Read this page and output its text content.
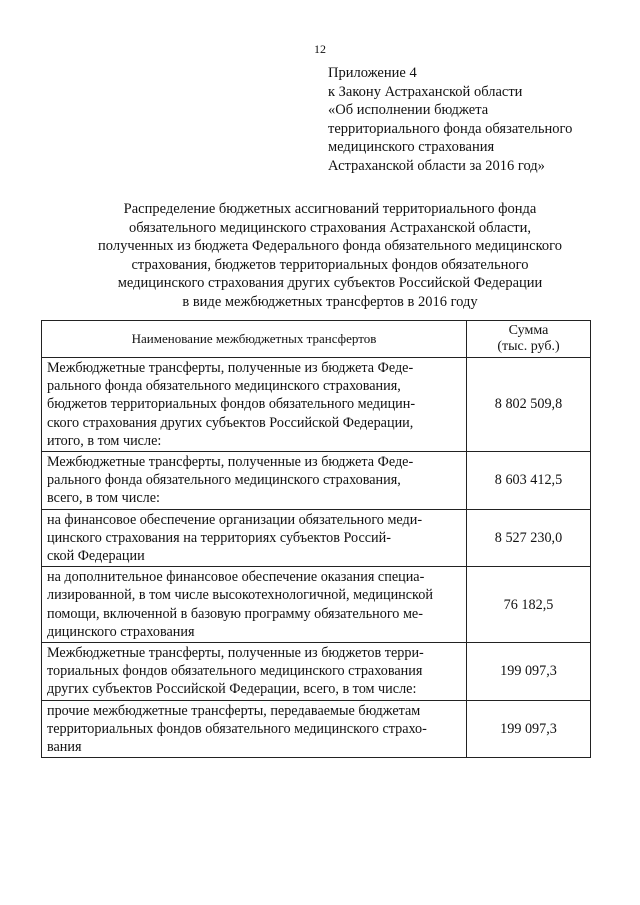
12
Приложение 4
к Закону Астраханской области
«Об исполнении бюджета
территориального фонда обязательного
медицинского страхования
Астраханской области за 2016 год»
Распределение бюджетных ассигнований территориального фонда
обязательного медицинского страхования Астраханской области,
полученных из бюджета Федерального фонда обязательного медицинского
страхования, бюджетов территориальных фондов обязательного
медицинского страхования других субъектов Российской Федерации
в виде межбюджетных трансфертов в 2016 году
Наименование межбюджетных трансфертов	Сумма
(тыс. руб.)

Межбюджетные трансферты, полученные из бюджета Феде-
рального фонда обязательного медицинского страхования,
бюджетов территориальных фондов обязательного медицин-
ского страхования других субъектов Российской Федерации,
итого, в том числе:	8 802 509,8

Межбюджетные трансферты, полученные из бюджета Феде-
рального фонда обязательного медицинского страхования,
всего, в том числе:	8 603 412,5

на финансовое обеспечение организации обязательного меди-
цинского страхования на территориях субъектов Россий-
ской Федерации	8 527 230,0

на дополнительное финансовое обеспечение оказания специа-
лизированной, в том числе высокотехнологичной, медицинской
помощи, включенной в базовую программу обязательного ме-
дицинского страхования	76 182,5

Межбюджетные трансферты, полученные из бюджетов терри-
ториальных фондов обязательного медицинского страхования
других субъектов Российской Федерации, всего, в том числе:	199 097,3

прочие межбюджетные трансферты, передаваемые бюджетам
территориальных фондов обязательного медицинского страхо-
вания	199 097,3
